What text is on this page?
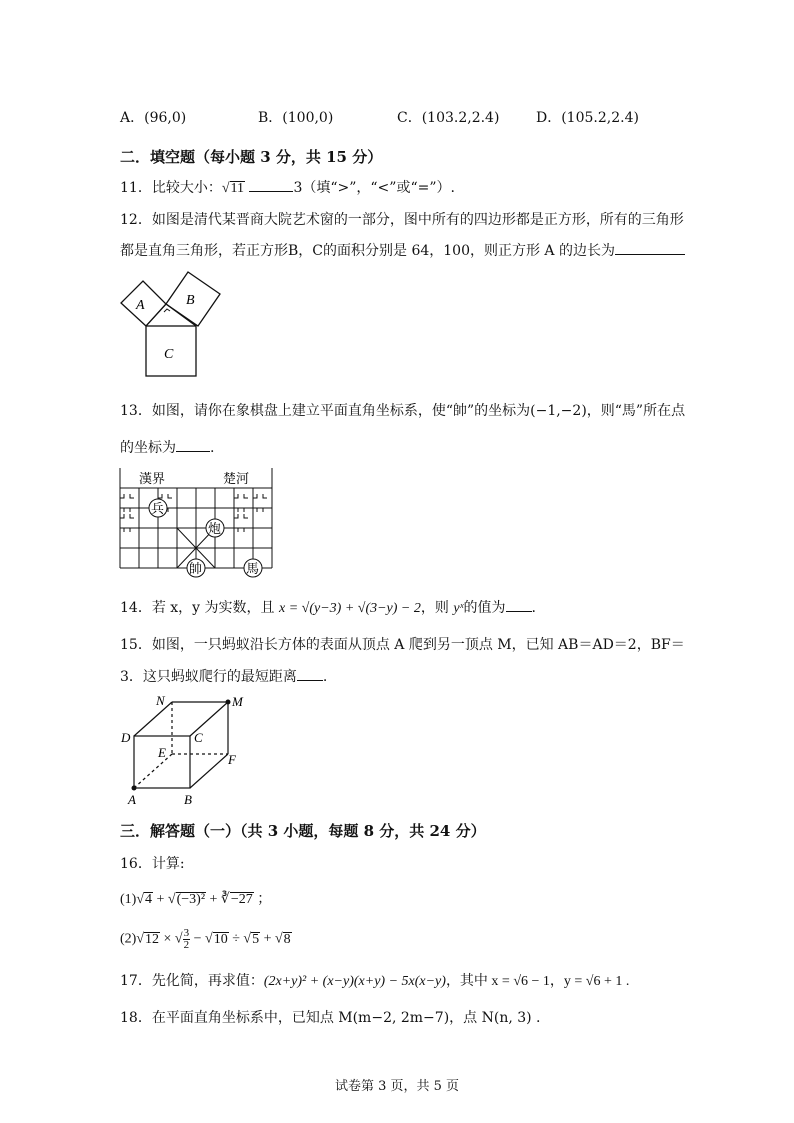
A．(96,0)	B．(100,0)	C．(103.2,2.4)	D．(105.2,2.4)
二．填空题（每小题 3 分，共 15 分）
11．比较大小：√11	3（填“>”，“<”或“=”）.
12．如图是清代某晋商大院艺术窗的一部分，图中所有的四边形都是正方形，所有的三角形
都是直角三角形，若正方形B，C的面积分别是 64，100，则正方形 A 的边长为
A	B
C
13．如图，请你在象棋盘上建立平面直角坐标系，使“帥”的坐标为(−1,−2)，则“馬”所在点
的坐标为 .
漢界	楚河
兵
炮
帥	馬
14．若 x，y 为实数，且 x = √(y−3) + √(3−y) − 2，则 yˣ的值为 .
15．如图，一只蚂蚁沿长方体的表面从顶点 A 爬到另一顶点 M，已知 AB＝AD＝2，BF＝
3．这只蚂蚁爬行的最短距离 .
N	M
D	C
E	F
A	B
三．解答题（一）（共 3 小题，每题 8 分，共 24 分）
16．计算:
(1)√4 + √(−3)² + ∛−27 ；
(2)√12 × √ $\frac{3}{2} - √10 \div √5 + √8$
17．先化简，再求值：(2x+y)² + (x−y)(x+y) − 5x(x−y)，其中 x = √6 − 1，y = √6 + 1 .
18．在平面直角坐标系中，已知点 M(m−2, 2m−7)，点 N(n, 3) .
试卷第 3 页，共 5 页
